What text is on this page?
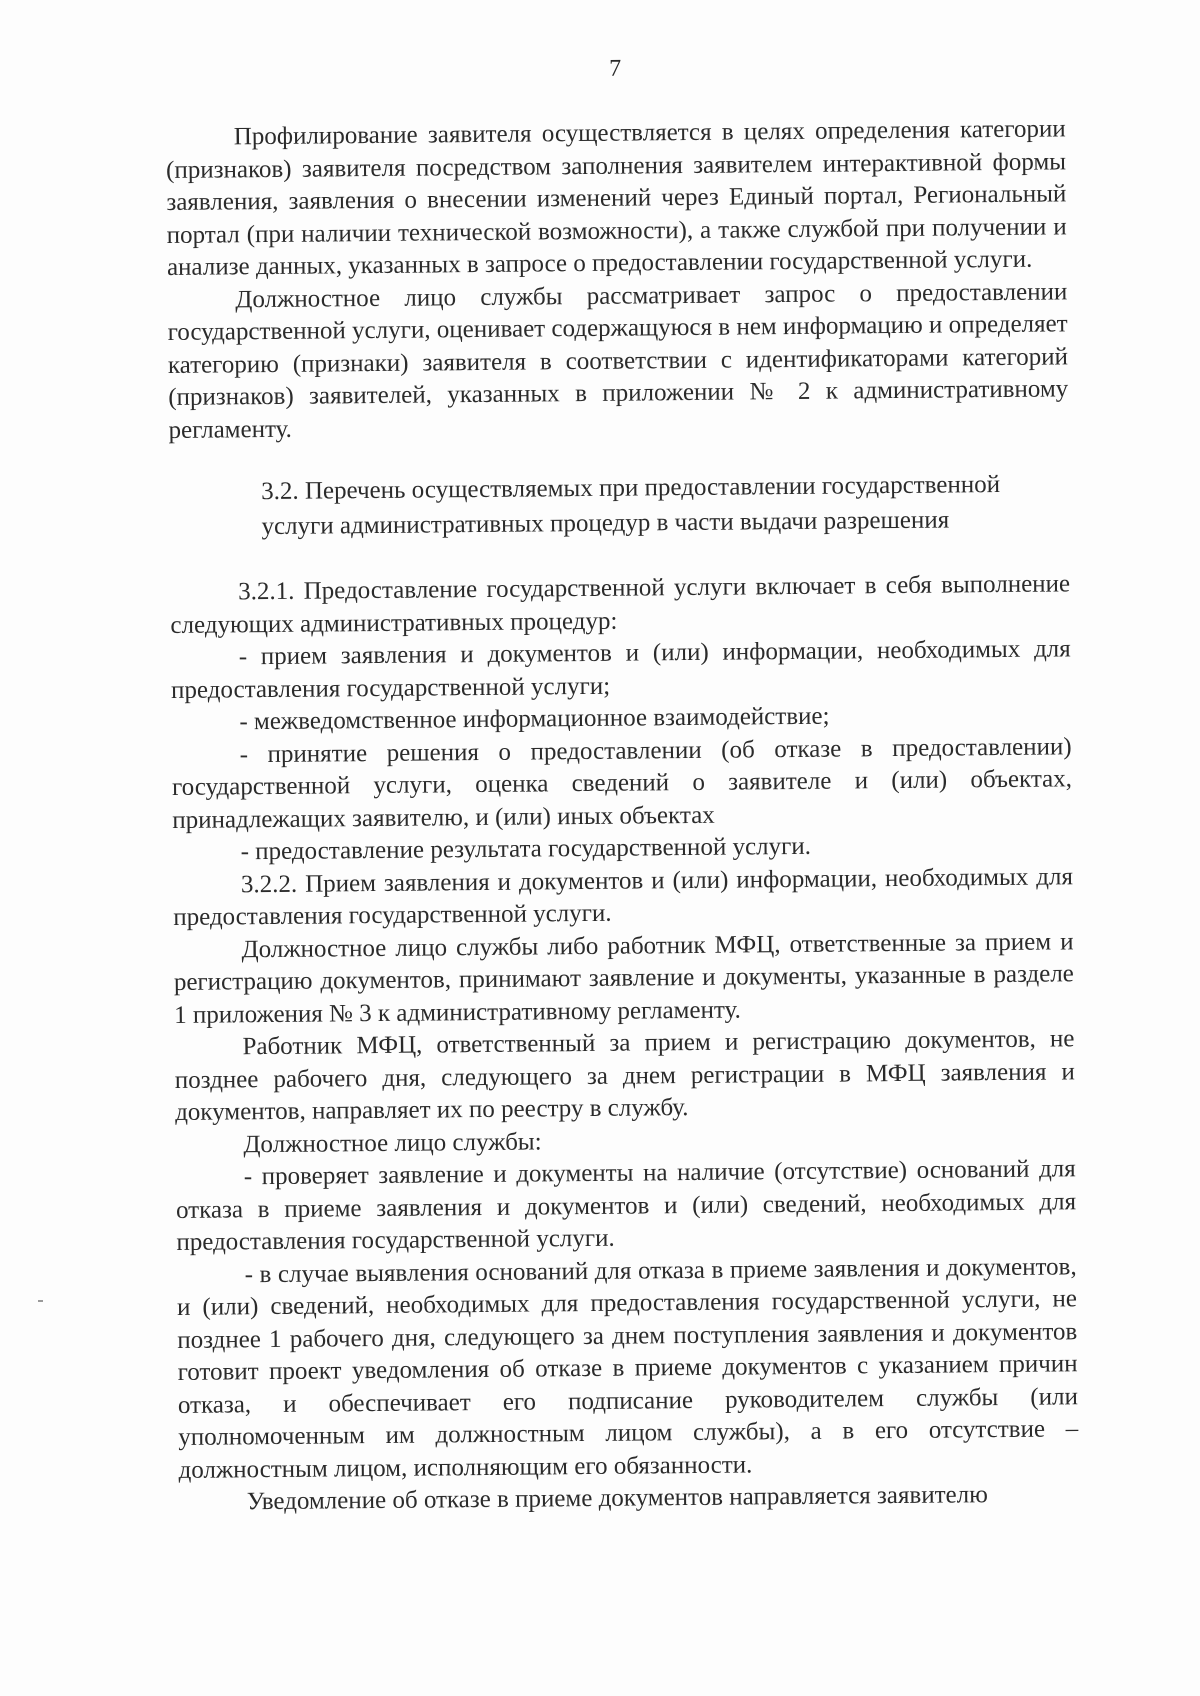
7

Профилирование заявителя осуществляется в целях определения категории (признаков) заявителя посредством заполнения заявителем интерактивной формы заявления, заявления о внесении изменений через Единый портал, Региональный портал (при наличии технической возможности), а также службой при получении и анализе данных, указанных в запросе о предоставлении государственной услуги.

Должностное лицо службы рассматривает запрос о предоставлении государственной услуги, оценивает содержащуюся в нем информацию и определяет категорию (признаки) заявителя в соответствии с идентификаторами категорий (признаков) заявителей, указанных в приложении № 2 к административному регламенту.

3.2. Перечень осуществляемых при предоставлении государственной услуги административных процедур в части выдачи разрешения

3.2.1. Предоставление государственной услуги включает в себя выполнение следующих административных процедур:

- прием заявления и документов и (или) информации, необходимых для предоставления государственной услуги;

- межведомственное информационное взаимодействие;

- принятие решения о предоставлении (об отказе в предоставлении) государственной услуги, оценка сведений о заявителе и (или) объектах, принадлежащих заявителю, и (или) иных объектах

- предоставление результата государственной услуги.

3.2.2. Прием заявления и документов и (или) информации, необходимых для предоставления государственной услуги.

Должностное лицо службы либо работник МФЦ, ответственные за прием и регистрацию документов, принимают заявление и документы, указанные в разделе 1 приложения № 3 к административному регламенту.

Работник МФЦ, ответственный за прием и регистрацию документов, не позднее рабочего дня, следующего за днем регистрации в МФЦ заявления и документов, направляет их по реестру в службу.

Должностное лицо службы:

- проверяет заявление и документы на наличие (отсутствие) оснований для отказа в приеме заявления и документов и (или) сведений, необходимых для предоставления государственной услуги.

- в случае выявления оснований для отказа в приеме заявления и документов, и (или) сведений, необходимых для предоставления государственной услуги, не позднее 1 рабочего дня, следующего за днем поступления заявления и документов готовит проект уведомления об отказе в приеме документов с указанием причин отказа, и обеспечивает его подписание руководителем службы (или уполномоченным им должностным лицом службы), а в его отсутствие – должностным лицом, исполняющим его обязанности.

Уведомление об отказе в приеме документов направляется заявителю
